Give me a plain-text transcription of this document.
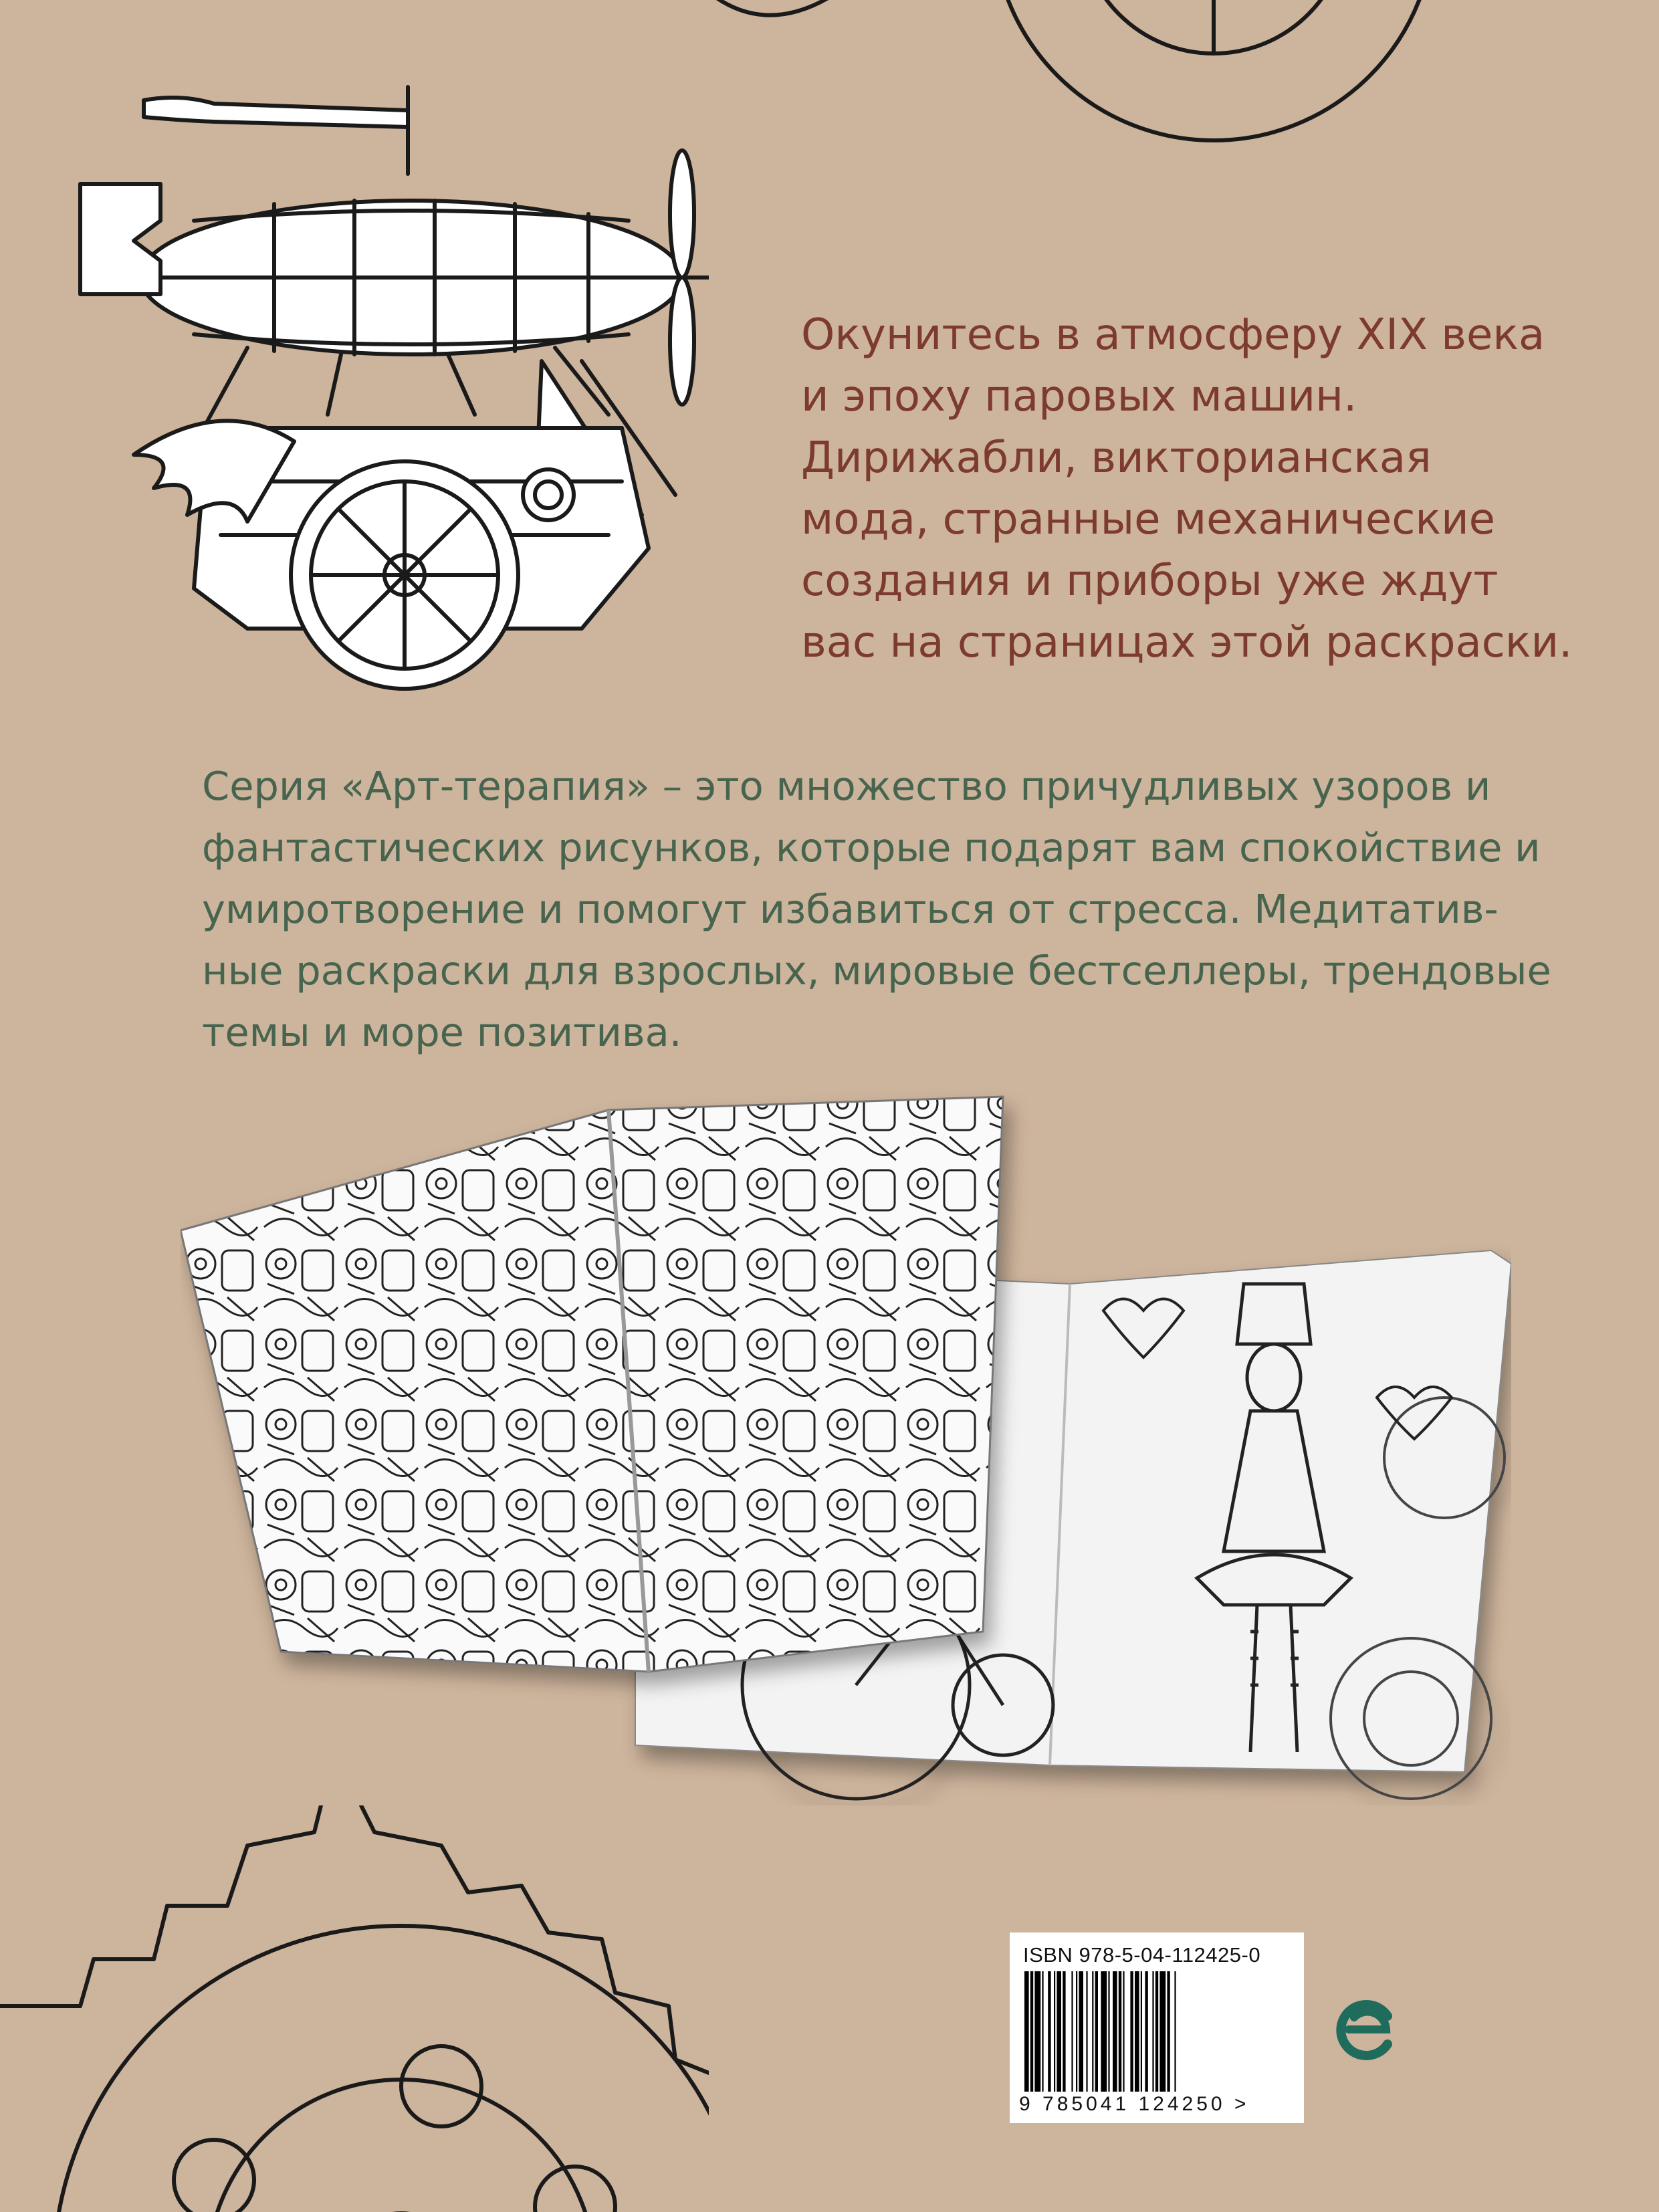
Окунитесь в атмосферу XIX века
и эпоху паровых машин.
Дирижабли, викторианская
мода, странные механические
создания и приборы уже ждут
вас на страницах этой раскраски.
Серия «Арт-терапия» – это множество причудливых узоров и
фантастических рисунков, которые подарят вам спокойствие и
умиротворение и помогут избавиться от стресса. Медитатив-
ные раскраски для взрослых, мировые бестселлеры, трендовые
темы и море позитива.
ISBN 978-5-04-112425-0
9 785041 124250 >
